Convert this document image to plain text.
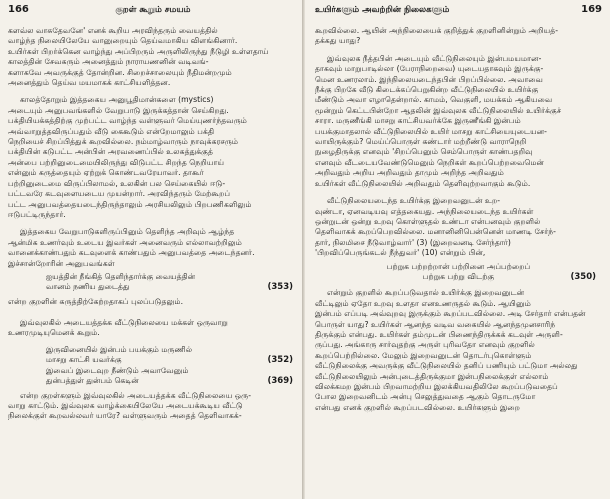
166	குறள் கூறும் சமயம்
களவ்ல வாசுதேவனே' எனக் கூறிய அரவிந்தரும் வையத்தில்
வாழ்ந்த நிலையிலேயே வானுறையும் தெய்வமாகிய விளங்கினார்.
உயிர்கள் பிறர்க்கென வாழ்ந்து அப்பிறரும் அருளிலிருந்து நீடுழி உள்ளதாய்
காலத்தின் சேவகரும் அனைத்தும் நாராயணனின் வடிவங்-
களாகவே அவருக்குத் தோன்றின. சிறைச்சாலையும் நீதிமன்றமும்
அனைத்தும் தெய்வ மயமாகக் காட்சியளித்தன.
காலத்தோறும் இத்தகைய அனுபூதிமான்களை (mystics)
அடையும் அனுபவங்களில் வேறுபாடு இருக்கத்தான் செய்கிறது.
பக்தியியக்கத்திற்கு முற்பட்ட வாழ்ந்த வள்ளுவர் மெய்யுணர்ந்தவரும்
அவ்வாறுத்தவிருப்பதும் வீடு கைகூடும் என்றேமாலும் பக்தி
நெறியைச் சிறப்பித்துக் கூறவில்லை. நம்மாழ்வாரும் நாவுக்கரசரும்
பக்தியின் கடுபட்ட அன்பின் அரவணைப்பில் உலகத்துக்குத்
அன்பை பற்றினுடைமையிலிருந்து விடுபட்ட சிறந்த நெறியாய்
என்னும் கருத்தையும் ஏற்றுக் கொண்டவரேயாவர். தாகூர்
பற்றினுடைமை விருப்பிலாமல், உலகின் பல செய்கையில் ஈடு-
பட்டவரே கடவுளையடைய முயன்றார். அரவிந்தரும் மேற்கூறப்
பட்ட அனுபவத்தையடைந்திருந்தாலும் அரசியலிலும் பிறபணிகளிலும்
ஈடுபட்டிருந்தார்.
இத்தகைய வேறுபாடுகளிருப்பினும் தெளிந்த அறிவும் ஆழ்ந்த
ஆன்மிக உணர்வும் உடைய இவர்கள் அனைவரும் எல்லாவற்றிலும்
வானைக்காண்பதும் கடவுளைக் காண்பதும் அனுபவத்தை அடைந்தனர்.
இச்சான்றோரின் அனுபவங்கள்
ஐயத்தின் நீங்கித் தெளிந்தார்க்கு வையத்தின்
வானம் நணிய துடைத்து	(353)
என்ற குறளின் கருத்திற்கேற்றதாகப் புலப்படுதலும்.

இவ்வுலகில் அடையத்தக்க வீட்டுநிலையை மக்கள் ஒருவாறு
உணரமுடியுமெனக் கூறும்.
இருவினையில் இன்பம் பயக்கும் மருணில்
மாசறு காட்சி யவர்க்கு
இவைப் இடைவுற நீண்டும் அவாவேனும்
துன்பத்துள் துன்பம் கெடின்
(352)
(369)
என்ற குறள்களும் இவ்வுலகில் அடையத்தக்க வீட்டுநிலையை ஒரு-
வாறு காட்டும். இவ்வுலக வாழ்க்கையிலேயே அடையக்கூடிய வீட்டு
நிலைக்குள் கூறவல்லவர் யாரே? வள்ளுவரும் அதைத் தெளிவாகக்-
உயிர்களும் அவற்றின் நிலைகளும்	169
கூறவில்லை. ஆயின் அந்நிலையைக் குறித்துக் குறளினின்றும் அறியத்-
தக்கது யாது?
இவ்வுலக நீத்தபின் அடையும் வீட்டுநிலையும் இன்பமயமான-
தாகவும் மாறுபாடில்லா (பேராநிறைவை) யுடையதாகவும் இருக்கு-
மென உணரலாம். இந்நிலையடைந்தபின் பிறப்பில்லை. அவாவை
நீக்கு பிறகே வீடு கிடைக்கப்பெறுகின்ற வீட்டுநிலையில் உயிர்க்கு
மீண்டும் அவா எழாதென்றால். காமம், வெகுளி, மயக்கம் ஆகியவை
மூன்றும் கெட்டபின்றோ ஆதலின் இவ்வுலக வீட்டுநிலையில் உயிர்க்குச்
சாரா. மருணீங்கி மாசறு காட்சியவர்க்கே இருணீங்கி இன்பம்
பயக்குமாதலால் வீட்டுநிலையில் உயிர் மாசறு காட்சியையுடையன-
வாயிருக்கும்? மெய்ப்பொருள் கண்டார் மற்றீண்டு வாராநெறி
நுழைதிருக்கு எனவும் 'சிறப்பெனும் செம்பொருள் காண்பதறிவு
எனவும் வீடடையவேண்டுமெனும் நெறிகள் கூறப்பெற்றவைமென்
அறிவதும் அறிய அறிவதும் தாமும் அறிந்த அறிவதும்
உயிர்கள் வீட்டுநிலையில் அறிவதும் தெளிவுற்றவாகும் கூடும்.
வீட்டுநிலையடைந்த உயிர்க்கு இறைவனுடன் உற-
வுண்டா, ஏனவடியவு எத்தகையது. அந்நிலையடைந்த உயிர்கள்
ஒன்றுடன் ஒன்று உறவு கொள்ளுதல் உண்டா என்பனவும் குறளில்
தெளிவாகக் கூறப்பெறவில்லை. மனானினிபென்னென் மாணடி சேர்ந்-
தார், நிலமிசை நீடுவாழ்வார்' (3) (இறைவனடி சேர்ந்தார்)
'பிறவிப்பெருங்கடல் நீந்துவர்' (10) என்றும் பின்,
பற்றுக பற்றற்றான் பற்றினை அப்பற்றைப்
பற்றுக பற்று விடற்கு	(350)
என்றும் குறளில் கூறப்படுவதால் உயிர்க்கு இறைவனுடன்
வீட்டிலும் ஏதோ உறவு உளதா எனஉணருதல் கூடும். ஆயினும்
இன்பம் எப்படி அவ்வுறவு இருக்கும் கூறப்படவில்லை. அடி சேர்தார் என்பதன்
பொருள் யாது? உயிர்கள் ஆனந்த வடிவ வகையில் ஆனந்தமுனசாரிந்
திருக்கும் என்பது. உயிர்கள் தம்முடன் பிணைந்திருக்கக் கடவுள் அருளி-
ருப்பது. அங்காரு சார்வுதற்கு அருள் புரிவதோ எனவும் குறளில்
கூறப்பெற்றில்லை. மேலும் இறைவனுடன் தொடர்புகொள்ளும்
வீட்டுநிலைக்கு அவருக்கு வீட்டுநிலையில் தனிப் பணியும் பட்டுமா அல்லது
வீட்டுநிலையிலும் அன்புடைத்திருக்குமா இன்பநிலைக்குள் எல்லாம்
விலக்கமற இன்பம் பிறவாமற்றிய இலக்கியவதிலிலே கூறப்படுவதைப்
போல இறைவனிடம் அன்பு செலுத்துவதை ஆகும் தொடருமோ
என்பது எனக் குறளில் கூறப்படவில்லை. உயிர்களும் இறை
